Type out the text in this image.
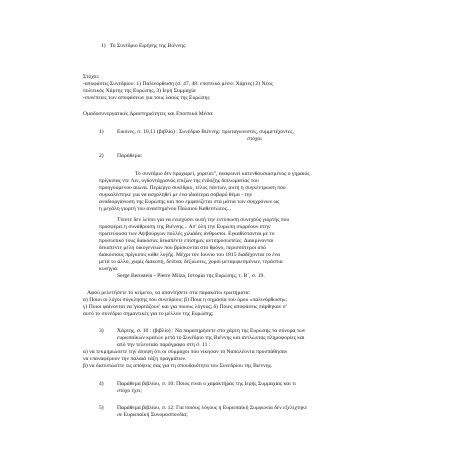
1)   Το Συνέδριο Ειρήνης της Βιέννης
Στόχοι:
-αποφάσεις Συνεδρίου: 1) Παλινόρθωση (σ. 47, 48: εποπτικό μέσο: Χάρτες) 2) Νέος
πολιτικός Χάρτης της Ευρώπης, 3) Ιερή Συμμαχία
-συνέπειες των αποφάσεων για τους λαούς της Ευρώπης
Ομαδοσυνεργατικές Δραστηριότητες και Εποπτικά Μέσα:
1) Εικόνες, σ. 10,11 (βιβλίο) : Συνέδριο Βιέννης: πρωταγωνιστές, συμμετέχοντες,
στόχοι
2) Παράθεμα:
Το συνέδριο δεν προχωρεί, χορεύει", αναφωνεί κατενθουσιασμένος ο γηραιός
πρίγκιπας ντε Λιν, ογδοντάχρονος επιζών της ένδοξης διπλωματίας του
προηγούμενου αιώνα. Περίεργο συνέδριο, τέλος πάντων, αυτή η συγκέντρωση που
συγκαλέστηκε για να ασχοληθεί με ένα ιδιαίτερα σοβαρό θέμα - την
αναδιοργάνωση της Ευρώπης και που εμφανίζεται στα μάτια των συγχρόνων ως
η μεγάλη γιορτή του αναστημένου Παλαιού Καθεστώτος...
Τίποτε δεν λείπει για να ενισχύσει αυτή την εντύπωση συνεχούς γιορτής που
προσφέρει η συνάθροιση της Βιέννης... Απ' όλη την Ευρώπη συρρέουν στην
πρωτεύουσα των Αψβούργων πολλές χιλιάδες άνθρωποι. Εγκαθίστανται με το
προσωπικό τους διακόσιες δεκαπέντε επίσημες αντιπροσωπείες. Διακρίνονται
δεκαπέντε μέλη οικογενειών που βρίσκονται στο θρόνο, περισσότεροι από
διακόσιους πρίγκιπες κάθε λογής. Μέχρι τον Ιούνιο του 1815 διαδέχονται το ένα
μετά το άλλο, χωρίς διακοπή, δείπνα, δεξιώσεις, χοροί μεταμφιεσμένων, τεράστια
κυνήγια.
Serge Bernstein - Pierre Milza, Ιστορία της Ευρώπης, τ. Β΄, σ. 19.
Αφού μελετήσετε το κείμενο, να απαντήσετε στα παρακάτω ερωτήματα:
α) Ποιοι οι λόγοι σύγκλησης του συνεδρίου; β) Ποια η σημασία του όρου «παλινόρθωση»;
γ) Ποιοι φαίνονται να 'γιορτάζουν' και για ποιους λόγους; δ) Ποιες αποφάσεις πάρθηκαν σ'
αυτό το συνέδριο σημαντικές για το μέλλον της Ευρώπης;
3) Χάρτης, σ. 10 : (βιβλίο) : Να παρατηρήσετε στο χάρτη της Ευρώπης τα σύνορα των
ευρωπαϊκών κρατών μετά το Συνέδριο της Βιέννης και αντλώντας πληροφορίες και
από την τελευταία παράγραφο στη σ. 11 :
α) να τεκμηριώσετε την άποψη ότι οι σύμμαχοι που νίκησαν το Ναπολέοντα προσπάθησαν
να επαναφέρουν την παλαιά τάξη πραγμάτων.
β) να διατυπώσετε τις απόψεις σας για τη σπουδαιότητα του Συνεδρίου της Βιέννης.
4) Παράθεμα βιβλίου, σ. 10: Ποιος είναι ο χαρακτήρας της Ιερής Συμμαχίας και τι
στόχο έχει;
5) Παράθεμα βιβλίου, σ. 12: Για ποιους λόγους η Ευρωπαϊκή Συμφωνία δεν εξελίχτηκε
σε Ευρωπαϊκή Συνομοσπονδία;
